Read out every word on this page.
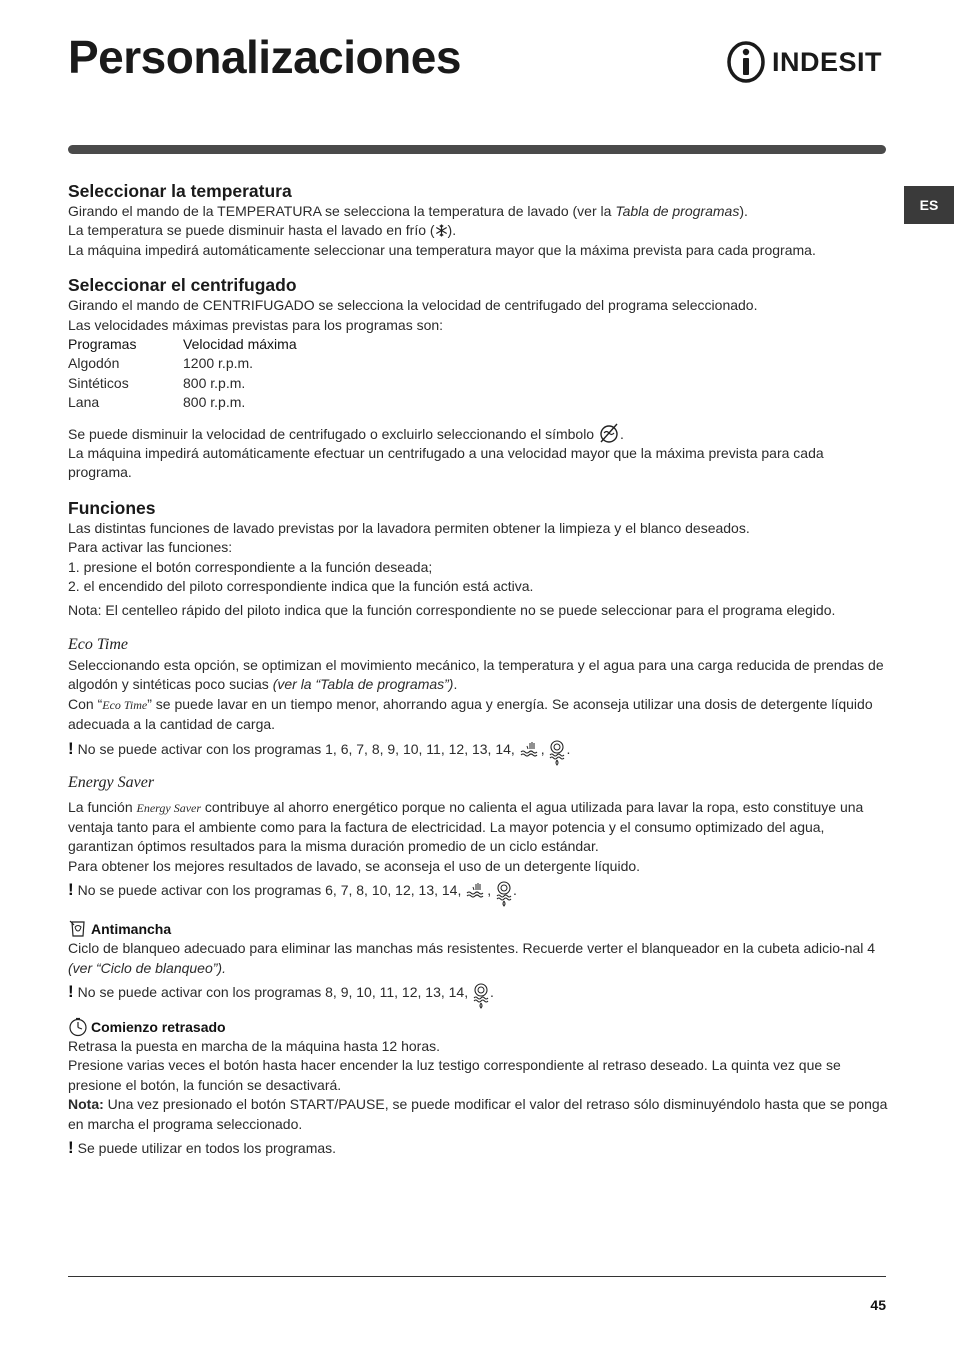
Personalizaciones	INDESIT
ES
Seleccionar la temperatura

Girando el mando de la TEMPERATURA se selecciona la temperatura de lavado (ver la Tabla de programas).

La temperatura se puede disminuir hasta el lavado en frío ( ).

La máquina impedirá automáticamente seleccionar una temperatura mayor que la máxima prevista para cada programa.

Seleccionar el centrifugado

Girando el mando de CENTRIFUGADO se selecciona la velocidad de centrifugado del programa seleccionado.

Las velocidades máximas previstas para los programas son:

Programas	Velocidad máxima
Algodón	1200 r.p.m.
Sintéticos	800 r.p.m.
Lana	800 r.p.m.

Se puede disminuir la velocidad de centrifugado o excluirlo seleccionando el símbolo .

La máquina impedirá automáticamente efectuar un centrifugado a una velocidad mayor que la máxima prevista para cada programa.

Funciones

Las distintas funciones de lavado previstas por la lavadora permiten obtener la limpieza y el blanco deseados.

Para activar las funciones:

1. presione el botón correspondiente a la función deseada;

2. el encendido del piloto correspondiente indica que la función está activa.

Nota: El centelleo rápido del piloto indica que la función correspondiente no se puede seleccionar para el programa elegido.

Eco Time

Seleccionando esta opción, se optimizan el movimiento mecánico, la temperatura y el agua para una carga reducida de prendas de algodón y sintéticas poco sucias (ver la “Tabla de programas”).

Con “Eco Time” se puede lavar en un tiempo menor, ahorrando agua y energía. Se aconseja utilizar una dosis de detergente líquido adecuada a la cantidad de carga.

! No se puede activar con los programas 1, 6, 7, 8, 9, 10, 11, 12, 13, 14, , .

Energy Saver

La función Energy Saver contribuye al ahorro energético porque no calienta el agua utilizada para lavar la ropa, esto constituye una ventaja tanto para el ambiente como para la factura de electricidad. La mayor potencia y el consumo optimizado del agua, garantizan óptimos resultados para la misma duración promedio de un ciclo estándar.

Para obtener los mejores resultados de lavado, se aconseja el uso de un detergente líquido.

! No se puede activar con los programas 6, 7, 8, 10, 12, 13, 14, , .

Antimancha

Ciclo de blanqueo adecuado para eliminar las manchas más resistentes. Recuerde verter el blanqueador en la cubeta adicio-nal 4 (ver “Ciclo de blanqueo”).

! No se puede activar con los programas 8, 9, 10, 11, 12, 13, 14, .

Comienzo retrasado

Retrasa la puesta en marcha de la máquina hasta 12 horas.

Presione varias veces el botón hasta hacer encender la luz testigo correspondiente al retraso deseado. La quinta vez que se presione el botón, la función se desactivará.

Nota: Una vez presionado el botón START/PAUSE, se puede modificar el valor del retraso sólo disminuyéndolo hasta que se ponga en marcha el programa seleccionado.

! Se puede utilizar en todos los programas.

45
